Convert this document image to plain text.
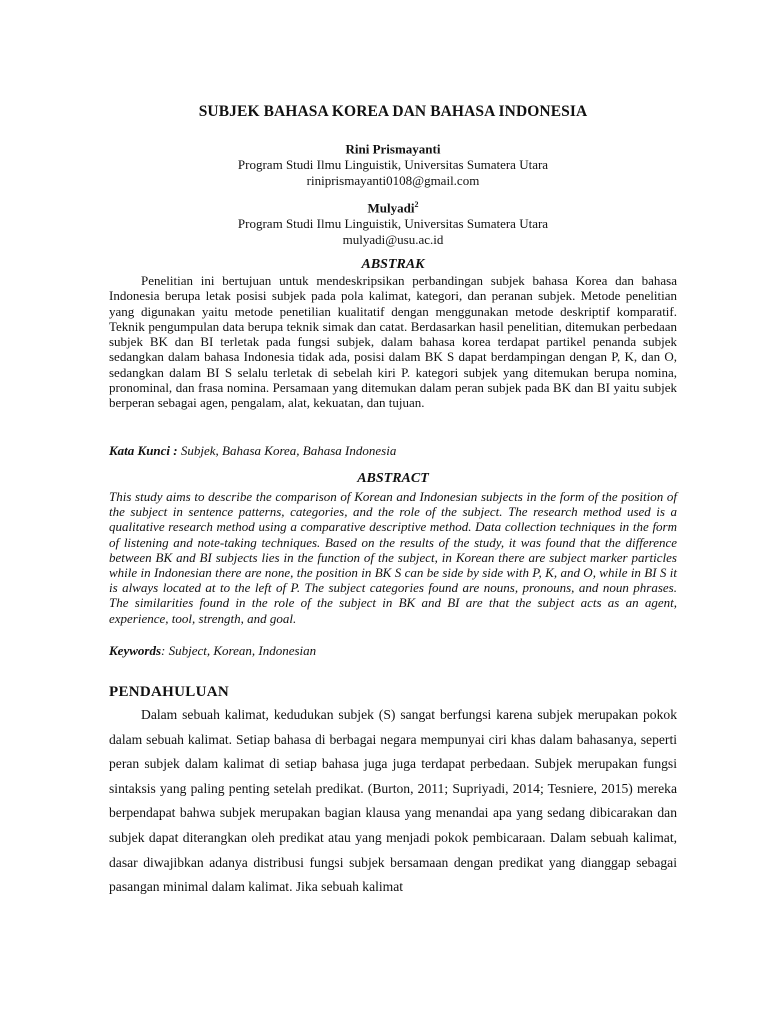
SUBJEK BAHASA KOREA DAN BAHASA INDONESIA
Rini Prismayanti
Program Studi Ilmu Linguistik, Universitas Sumatera Utara
riniprismayanti0108@gmail.com
Mulyadi$^2$
Program Studi Ilmu Linguistik, Universitas Sumatera Utara
mulyadi@usu.ac.id
ABSTRAK

Penelitian ini bertujuan untuk mendeskripsikan perbandingan subjek bahasa Korea dan bahasa Indonesia berupa letak posisi subjek pada pola kalimat, kategori, dan peranan subjek. Metode penelitian yang digunakan yaitu metode penetilian kualitatif dengan menggunakan metode deskriptif komparatif. Teknik pengumpulan data berupa teknik simak dan catat. Berdasarkan hasil penelitian, ditemukan perbedaan subjek BK dan BI terletak pada fungsi subjek, dalam bahasa korea terdapat partikel penanda subjek sedangkan dalam bahasa Indonesia tidak ada, posisi dalam BK S dapat berdampingan dengan P, K, dan O, sedangkan dalam BI S selalu terletak di sebelah kiri P. kategori subjek yang ditemukan berupa nomina, pronominal, dan frasa nomina. Persamaan yang ditemukan dalam peran subjek pada BK dan BI yaitu subjek berperan sebagai agen, pengalam, alat, kekuatan, dan tujuan.

Kata Kunci : Subjek, Bahasa Korea, Bahasa Indonesia
ABSTRACT

This study aims to describe the comparison of Korean and Indonesian subjects in the form of the position of the subject in sentence patterns, categories, and the role of the subject. The research method used is a qualitative research method using a comparative descriptive method. Data collection techniques in the form of listening and note-taking techniques. Based on the results of the study, it was found that the difference between BK and BI subjects lies in the function of the subject, in Korean there are subject marker particles while in Indonesian there are none, the position in BK S can be side by side with P, K, and O, while in BI S it is always located at to the left of P. The subject categories found are nouns, pronouns, and noun phrases. The similarities found in the role of the subject in BK and BI are that the subject acts as an agent, experience, tool, strength, and goal.

Keywords: Subject, Korean, Indonesian
PENDAHULUAN

Dalam sebuah kalimat, kedudukan subjek (S) sangat berfungsi karena subjek merupakan pokok dalam sebuah kalimat. Setiap bahasa di berbagai negara mempunyai ciri khas dalam bahasanya, seperti peran subjek dalam kalimat di setiap bahasa juga juga terdapat perbedaan. Subjek merupakan fungsi sintaksis yang paling penting setelah predikat. (Burton, 2011; Supriyadi, 2014; Tesniere, 2015) mereka berpendapat bahwa subjek merupakan bagian klausa yang menandai apa yang sedang dibicarakan dan subjek dapat diterangkan oleh predikat atau yang menjadi pokok pembicaraan. Dalam sebuah kalimat, dasar diwajibkan adanya distribusi fungsi subjek bersamaan dengan predikat yang dianggap sebagai pasangan minimal dalam kalimat. Jika sebuah kalimat
